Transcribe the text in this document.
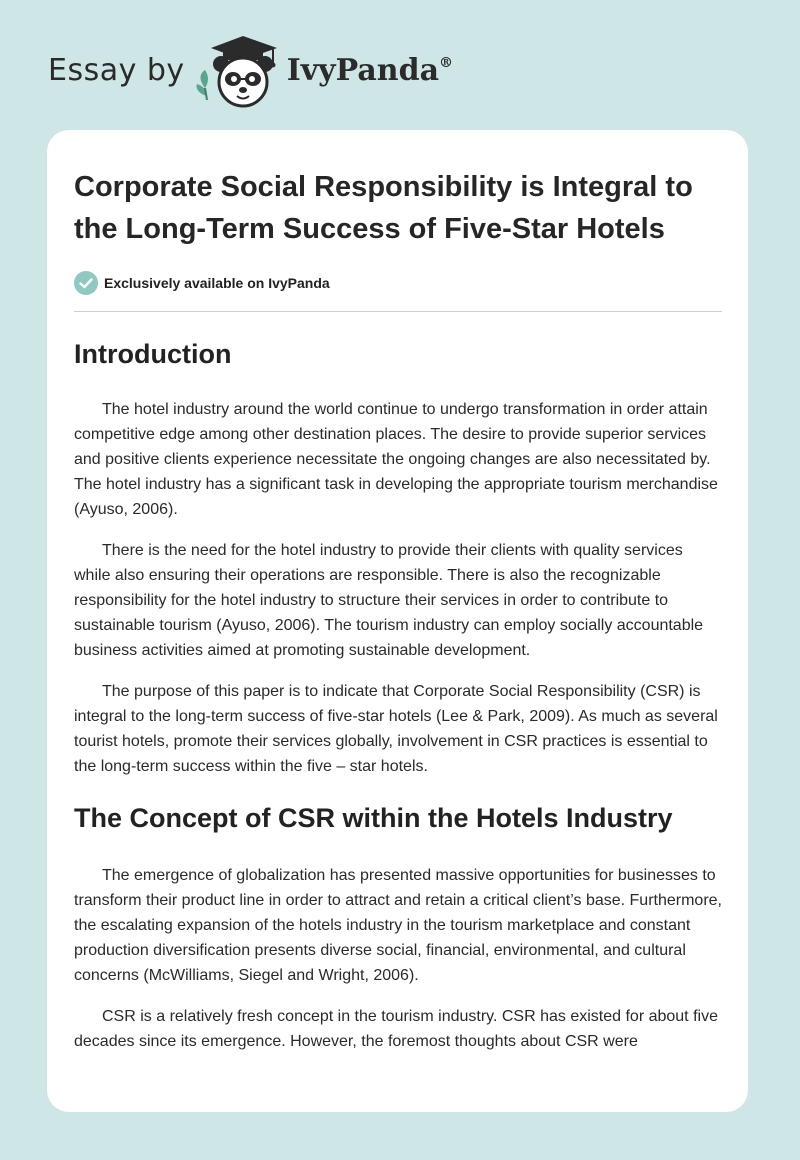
Essay by	IvyPanda®
Corporate Social Responsibility is Integral to the Long-Term Success of Five-Star Hotels
Exclusively available on IvyPanda
Introduction

The hotel industry around the world continue to undergo transformation in order attain competitive edge among other destination places. The desire to provide superior services and positive clients experience necessitate the ongoing changes are also necessitated by. The hotel industry has a significant task in developing the appropriate tourism merchandise (Ayuso, 2006).

There is the need for the hotel industry to provide their clients with quality services while also ensuring their operations are responsible. There is also the recognizable responsibility for the hotel industry to structure their services in order to contribute to sustainable tourism (Ayuso, 2006). The tourism industry can employ socially accountable business activities aimed at promoting sustainable development.

The purpose of this paper is to indicate that Corporate Social Responsibility (CSR) is integral to the long-term success of five-star hotels (Lee & Park, 2009). As much as several tourist hotels, promote their services globally, involvement in CSR practices is essential to the long-term success within the five – star hotels.

The Concept of CSR within the Hotels Industry

The emergence of globalization has presented massive opportunities for businesses to transform their product line in order to attract and retain a critical client’s base. Furthermore, the escalating expansion of the hotels industry in the tourism marketplace and constant production diversification presents diverse social, financial, environmental, and cultural concerns (McWilliams, Siegel and Wright, 2006).

CSR is a relatively fresh concept in the tourism industry. CSR has existed for about five decades since its emergence. However, the foremost thoughts about CSR were
